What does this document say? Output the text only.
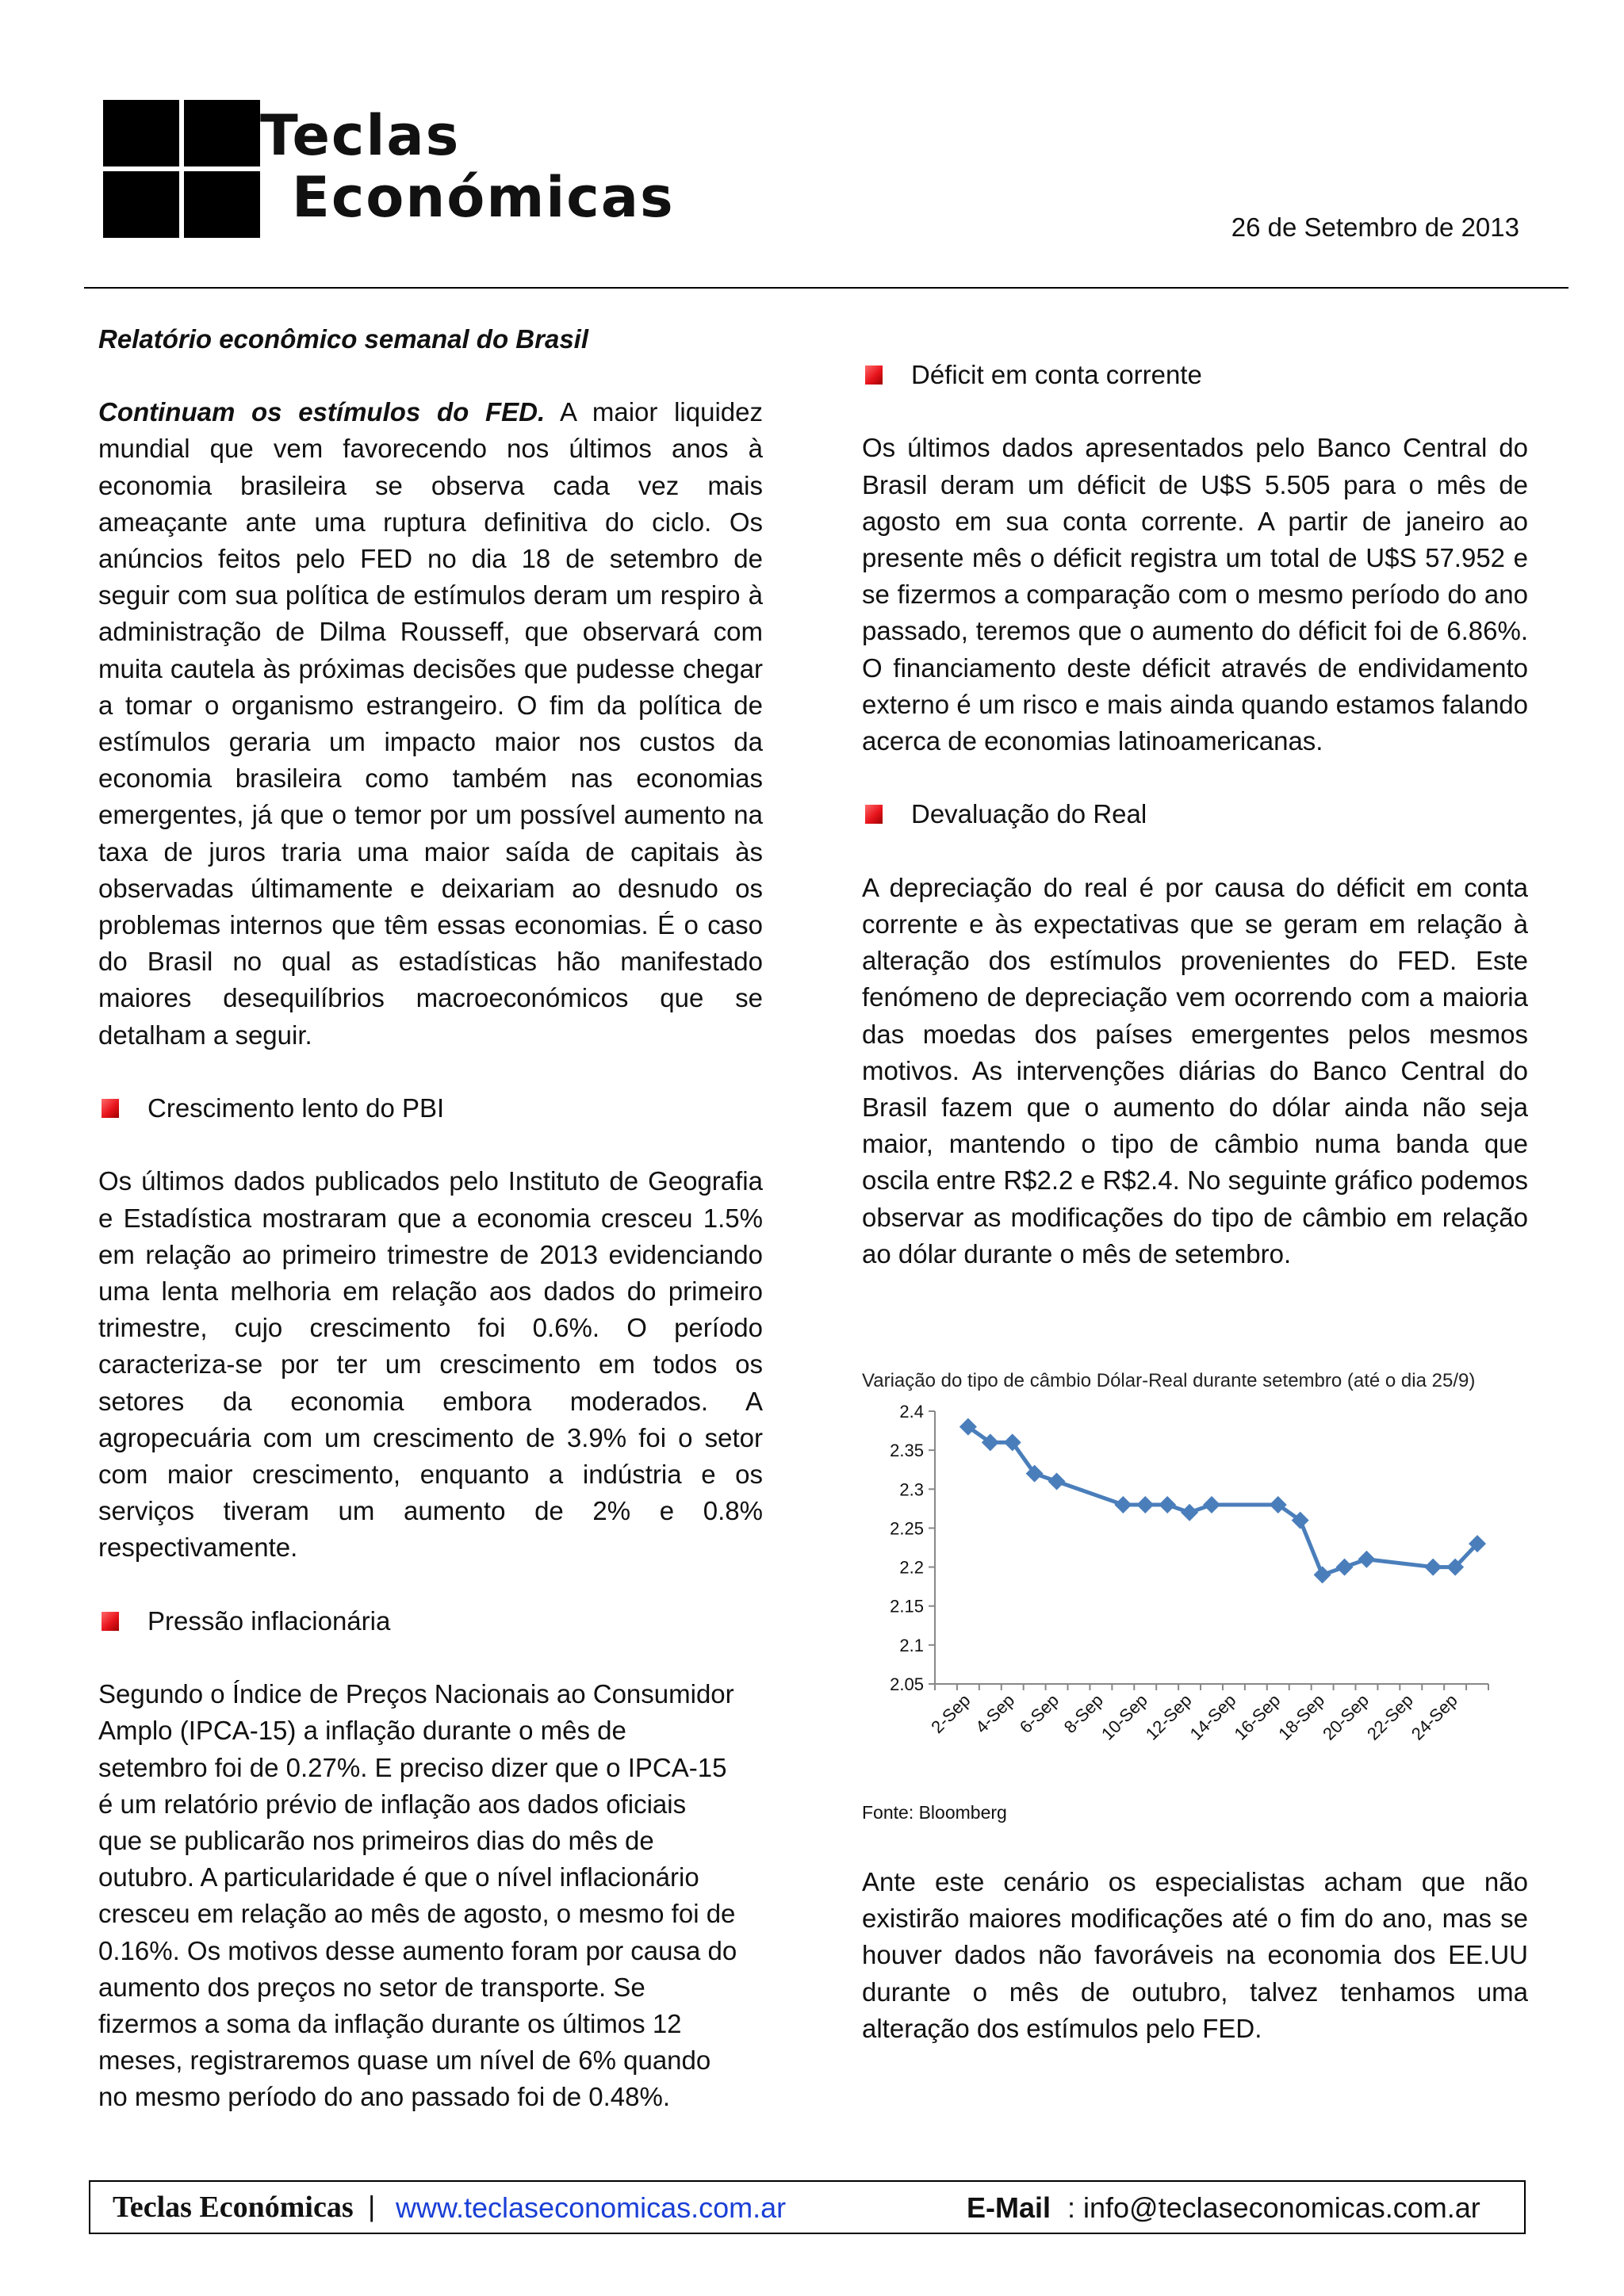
Teclas
Económicas	26 de Setembro de 2013

Relatório econômico semanal do Brasil

Continuam os estímulos do FED. A maior liquidez mundial que vem favorecendo nos últimos anos à economia brasileira se observa cada vez mais ameaçante ante uma ruptura definitiva do ciclo. Os anúncios feitos pelo FED no dia 18 de setembro de seguir com sua política de estímulos deram um respiro à administração de Dilma Rousseff, que observará com muita cautela às próximas decisões que pudesse chegar a tomar o organismo estrangeiro. O fim da política de estímulos geraria um impacto maior nos custos da economia brasileira como também nas economias emergentes, já que o temor por um possível aumento na taxa de juros traria uma maior saída de capitais às observadas últimamente e deixariam ao desnudo os problemas internos que têm essas economias. É o caso do Brasil no qual as estadísticas hão manifestado maiores desequilíbrios macroeconómicos que se detalham a seguir.

Crescimento lento do PBI

Os últimos dados publicados pelo Instituto de Geografia e Estadística mostraram que a economia cresceu 1.5% em relação ao primeiro trimestre de 2013 evidenciando uma lenta melhoria em relação aos dados do primeiro trimestre, cujo crescimento foi 0.6%. O período caracteriza-se por ter um crescimento em todos os setores da economia embora moderados. A agropecuária com um crescimento de 3.9% foi o setor com maior crescimento, enquanto a indústria e os serviços tiveram um aumento de 2% e 0.8% respectivamente.

Pressão inflacionária
Segundo o Índice de Preços Nacionais ao Consumidor
Amplo (IPCA-15) a inflação durante o mês de
setembro foi de 0.27%. E preciso dizer que o IPCA-15
é um relatório prévio de inflação aos dados oficiais
que se publicarão nos primeiros dias do mês de
outubro. A particularidade é que o nível inflacionário
cresceu em relação ao mês de agosto, o mesmo foi de
0.16%. Os motivos desse aumento foram por causa do
aumento dos preços no setor de transporte. Se
fizermos a soma da inflação durante os últimos 12
meses, registraremos quase um nível de 6% quando
no mesmo período do ano passado foi de 0.48%.
Déficit em conta corrente

Os últimos dados apresentados pelo Banco Central do Brasil deram um déficit de U$S 5.505 para o mês de agosto em sua conta corrente. A partir de janeiro ao presente mês o déficit registra um total de U$S 57.952 e se fizermos a comparação com o mesmo período do ano passado, teremos que o aumento do déficit foi de 6.86%. O financiamento deste déficit através de endividamento externo é um risco e mais ainda quando estamos falando acerca de economias latinoamericanas.

Devaluação do Real

A depreciação do real é por causa do déficit em conta corrente e às expectativas que se geram em relação à alteração dos estímulos provenientes do FED. Este fenómeno de depreciação vem ocorrendo com a maioria das moedas dos países emergentes pelos mesmos motivos. As intervenções diárias do Banco Central do Brasil fazem que o aumento do dólar ainda não seja maior, mantendo o tipo de câmbio numa banda que oscila entre R$2.2 e R$2.4. No seguinte gráfico podemos observar as modificações do tipo de câmbio em relação ao dólar durante o mês de setembro.

Variação do tipo de câmbio Dólar-Real durante setembro (até o dia 25/9)
2.05
2.1
2.15
2.2
2.25
2.3
2.35
2.4
2-Sep
4-Sep
6-Sep
8-Sep
10-Sep
12-Sep
14-Sep
16-Sep
18-Sep
20-Sep
22-Sep
24-Sep
Fonte: Bloomberg

Ante este cenário os especialistas acham que não existirão maiores modificações até o fim do ano, mas se houver dados não favoráveis na economia dos EE.UU durante o mês de outubro, talvez tenhamos uma alteração dos estímulos pelo FED.

Teclas Económicas | www.teclaseconomicas.com.ar	E-Mail : info@teclaseconomicas.com.ar
